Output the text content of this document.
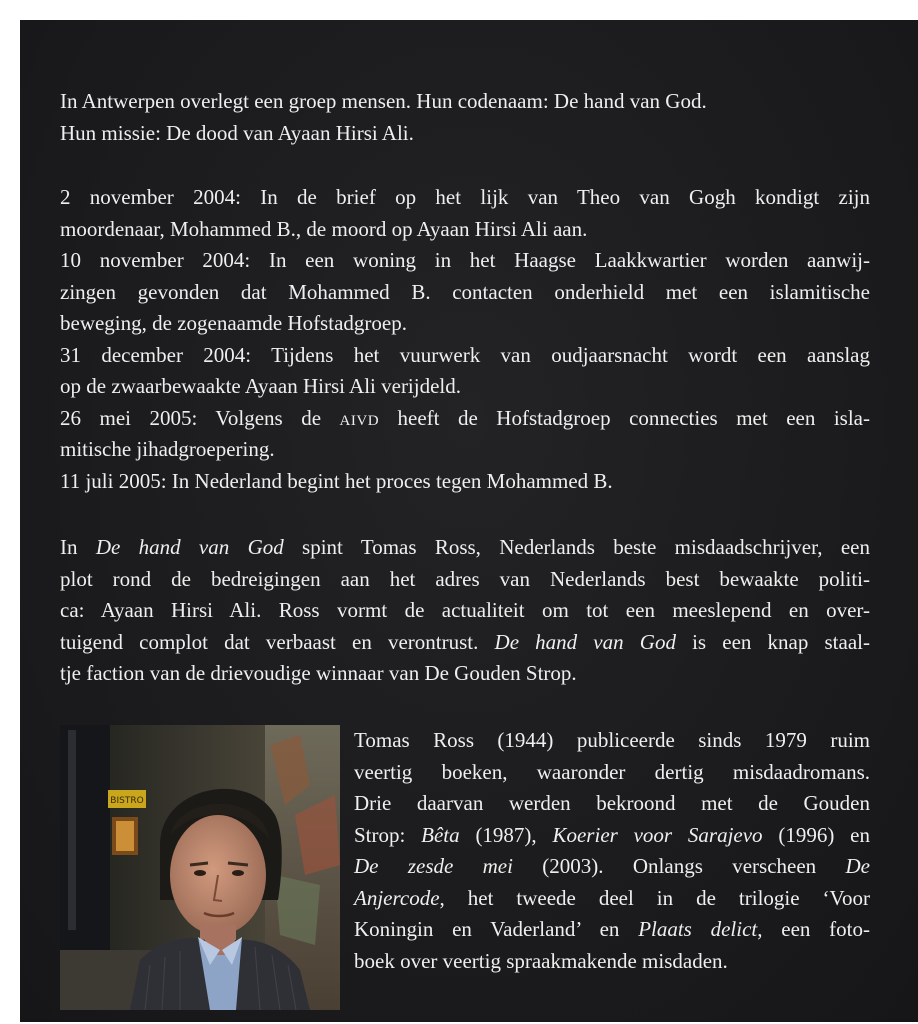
In Antwerpen overlegt een groep mensen. Hun codenaam: De hand van God.
Hun missie: De dood van Ayaan Hirsi Ali.
2 november 2004: In de brief op het lijk van Theo van Gogh kondigt zijn
moordenaar, Mohammed B., de moord op Ayaan Hirsi Ali aan.
10 november 2004: In een woning in het Haagse Laakkwartier worden aanwij-
zingen gevonden dat Mohammed B. contacten onderhield met een islamitische
beweging, de zogenaamde Hofstadgroep.
31 december 2004: Tijdens het vuurwerk van oudjaarsnacht wordt een aanslag
op de zwaarbewaakte Ayaan Hirsi Ali verijdeld.
26 mei 2005: Volgens de aivd heeft de Hofstadgroep connecties met een isla-
mitische jihadgroepering.
11 juli 2005: In Nederland begint het proces tegen Mohammed B.
In De hand van God spint Tomas Ross, Nederlands beste misdaadschrijver, een
plot rond de bedreigingen aan het adres van Nederlands best bewaakte politi-
ca: Ayaan Hirsi Ali. Ross vormt de actualiteit om tot een meeslepend en over-
tuigend complot dat verbaast en verontrust. De hand van God is een knap staal-
tje faction van de drievoudige winnaar van De Gouden Strop.
BISTRO
Tomas Ross (1944) publiceerde sinds 1979 ruim
veertig boeken, waaronder dertig misdaadromans.
Drie daarvan werden bekroond met de Gouden
Strop: Bêta (1987), Koerier voor Sarajevo (1996) en
De zesde mei (2003). Onlangs verscheen De
Anjercode, het tweede deel in de trilogie ‘Voor
Koningin en Vaderland’ en Plaats delict, een foto-
boek over veertig spraakmakende misdaden.
